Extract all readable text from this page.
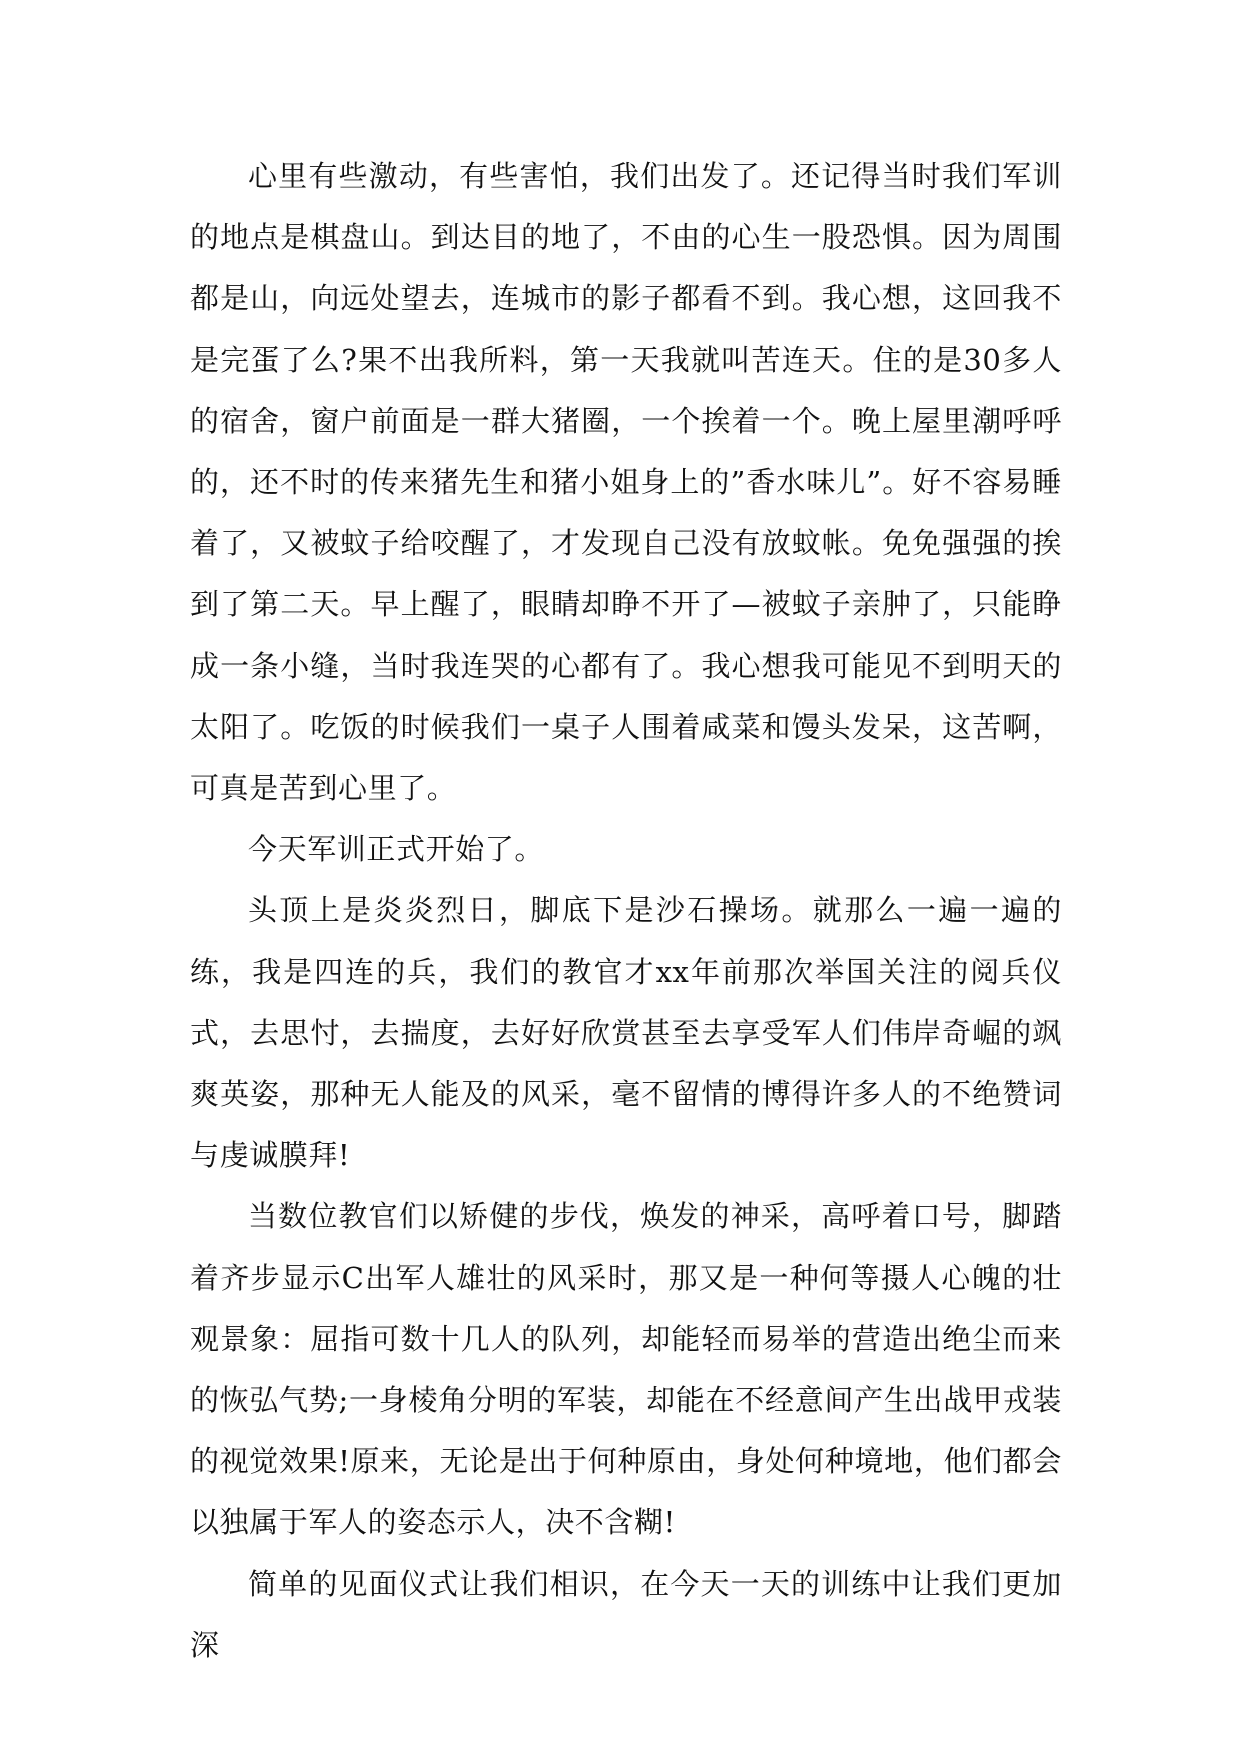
心里有些激动，有些害怕，我们出发了。还记得当时我们军训的地点是棋盘山。到达目的地了，不由的心生一股恐惧。因为周围都是山，向远处望去，连城市的影子都看不到。我心想，这回我不是完蛋了么?果不出我所料，第一天我就叫苦连天。住的是30多人的宿舍，窗户前面是一群大猪圈，一个挨着一个。晚上屋里潮呼呼的，还不时的传来猪先生和猪小姐身上的”香水味儿”。好不容易睡着了，又被蚊子给咬醒了，才发现自己没有放蚊帐。免免强强的挨到了第二天。早上醒了，眼睛却睁不开了—被蚊子亲肿了，只能睁成一条小缝，当时我连哭的心都有了。我心想我可能见不到明天的太阳了。吃饭的时候我们一桌子人围着咸菜和馒头发呆，这苦啊，可真是苦到心里了。

今天军训正式开始了。

头顶上是炎炎烈日，脚底下是沙石操场。就那么一遍一遍的练，我是四连的兵，我们的教官才xx年前那次举国关注的阅兵仪式，去思忖，去揣度，去好好欣赏甚至去享受军人们伟岸奇崛的飒爽英姿，那种无人能及的风采，毫不留情的博得许多人的不绝赞词与虔诚膜拜!

当数位教官们以矫健的步伐，焕发的神采，高呼着口号，脚踏着齐步显示C出军人雄壮的风采时，那又是一种何等摄人心魄的壮观景象：屈指可数十几人的队列，却能轻而易举的营造出绝尘而来的恢弘气势;一身棱角分明的军装，却能在不经意间产生出战甲戎装的视觉效果!原来，无论是出于何种原由，身处何种境地，他们都会以独属于军人的姿态示人，决不含糊!

简单的见面仪式让我们相识，在今天一天的训练中让我们更加深
